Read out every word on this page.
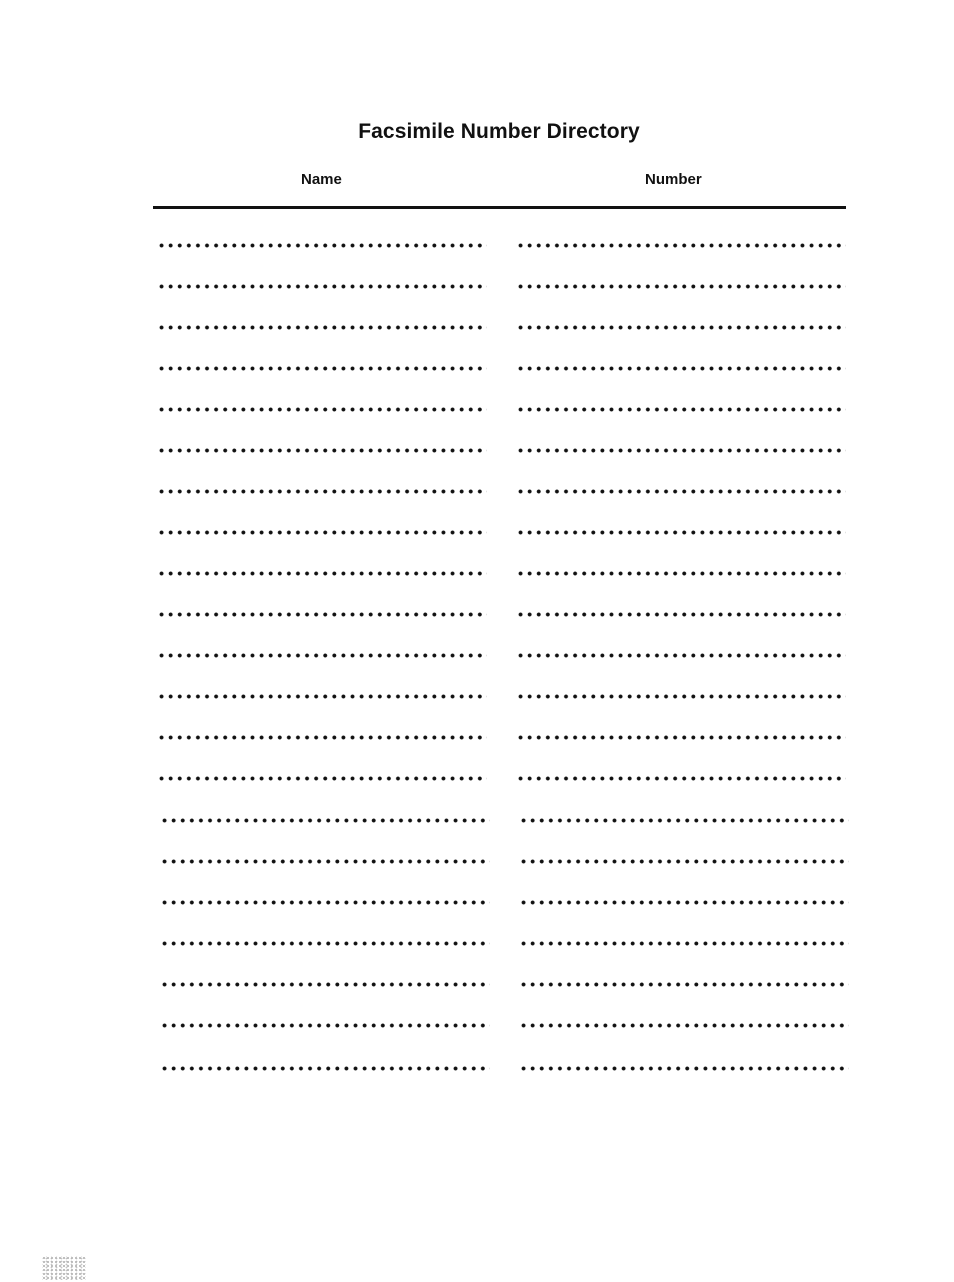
Facsimile Number Directory
Name	Number
